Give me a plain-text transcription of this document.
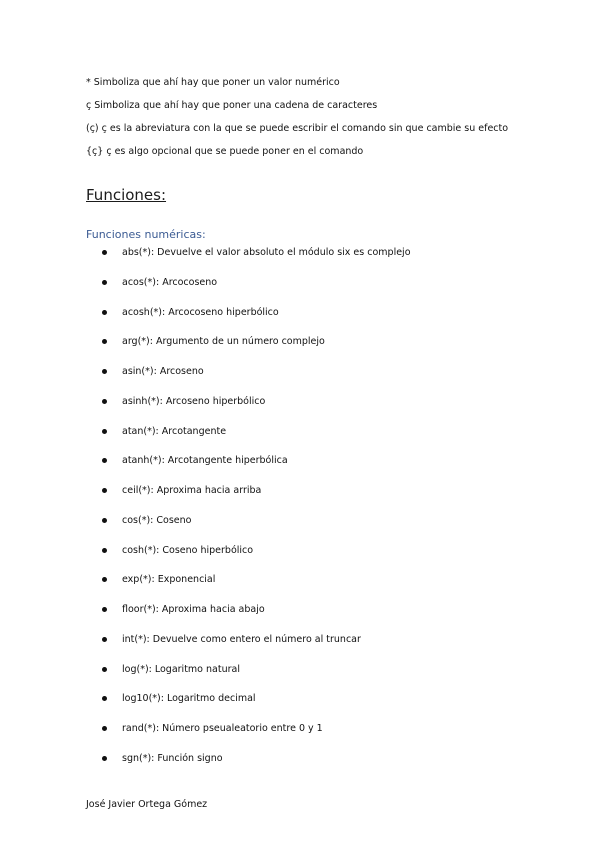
* Simboliza que ahí hay que poner un valor numérico

ç Simboliza que ahí hay que poner una cadena de caracteres

(ç) ç es la abreviatura con la que se puede escribir el comando sin que cambie su efecto

{ç} ç es algo opcional que se puede poner en el comando

Funciones:
Funciones numéricas:
abs(*): Devuelve el valor absoluto el módulo six es complejo
acos(*): Arcocoseno
acosh(*): Arcocoseno hiperbólico
arg(*): Argumento de un número complejo
asin(*): Arcoseno
asinh(*): Arcoseno hiperbólico
atan(*): Arcotangente
atanh(*): Arcotangente hiperbólica
ceil(*): Aproxima hacia arriba
cos(*): Coseno
cosh(*): Coseno hiperbólico
exp(*): Exponencial
floor(*): Aproxima hacia abajo
int(*): Devuelve como entero el número al truncar
log(*): Logaritmo natural
log10(*): Logaritmo decimal
rand(*): Número pseualeatorio entre 0 y 1
sgn(*): Función signo

José Javier Ortega Gómez
